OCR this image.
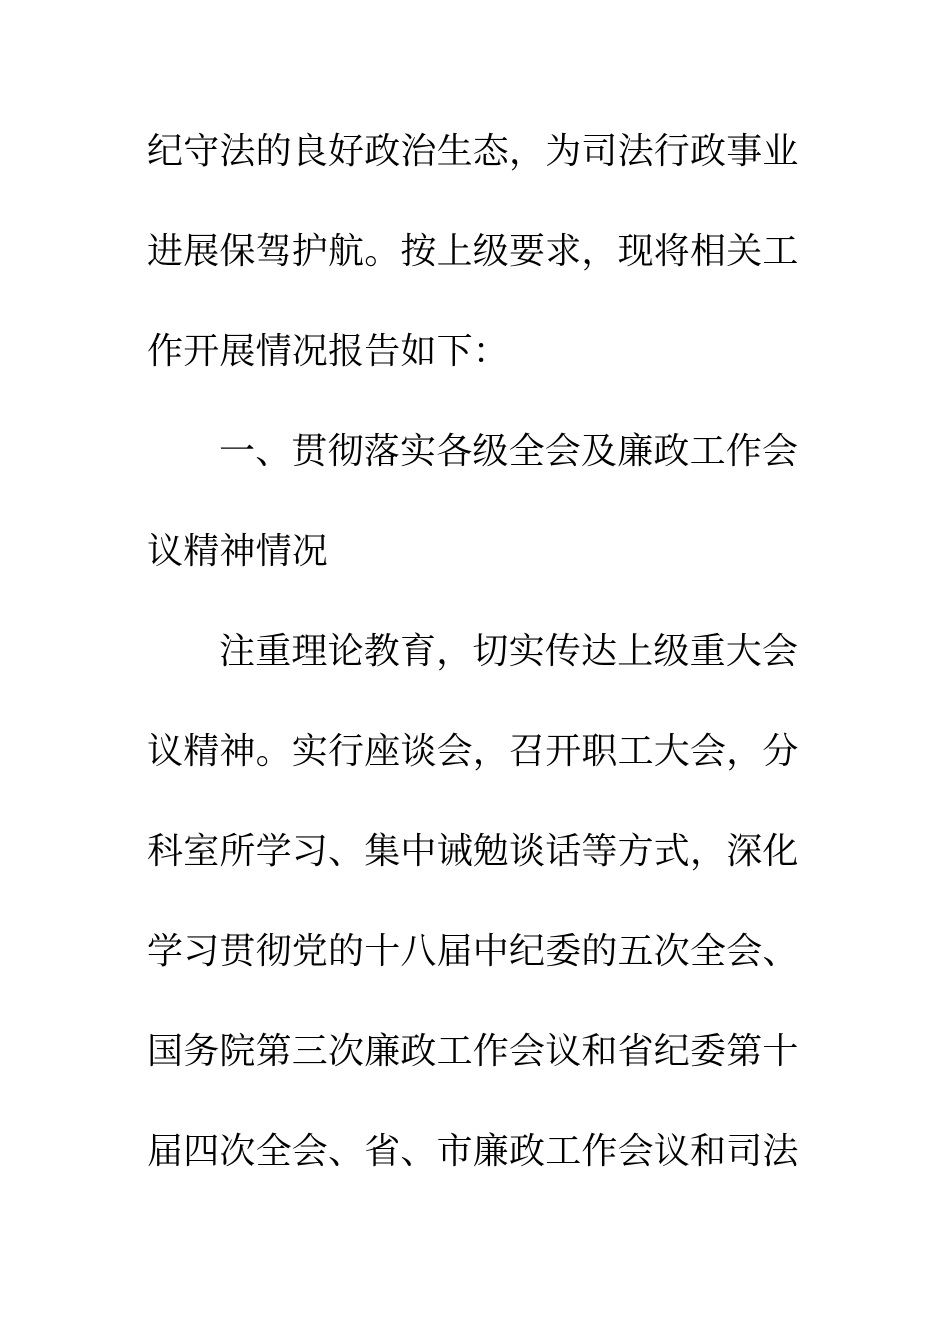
纪守法的良好政治生态，为司法行政事业
进展保驾护航。按上级要求，现将相关工
作开展情况报告如下：
一、贯彻落实各级全会及廉政工作会
议精神情况
注重理论教育，切实传达上级重大会
议精神。实行座谈会，召开职工大会，分
科室所学习、集中诫勉谈话等方式，深化
学习贯彻党的十八届中纪委的五次全会、
国务院第三次廉政工作会议和省纪委第十
届四次全会、省、市廉政工作会议和司法
